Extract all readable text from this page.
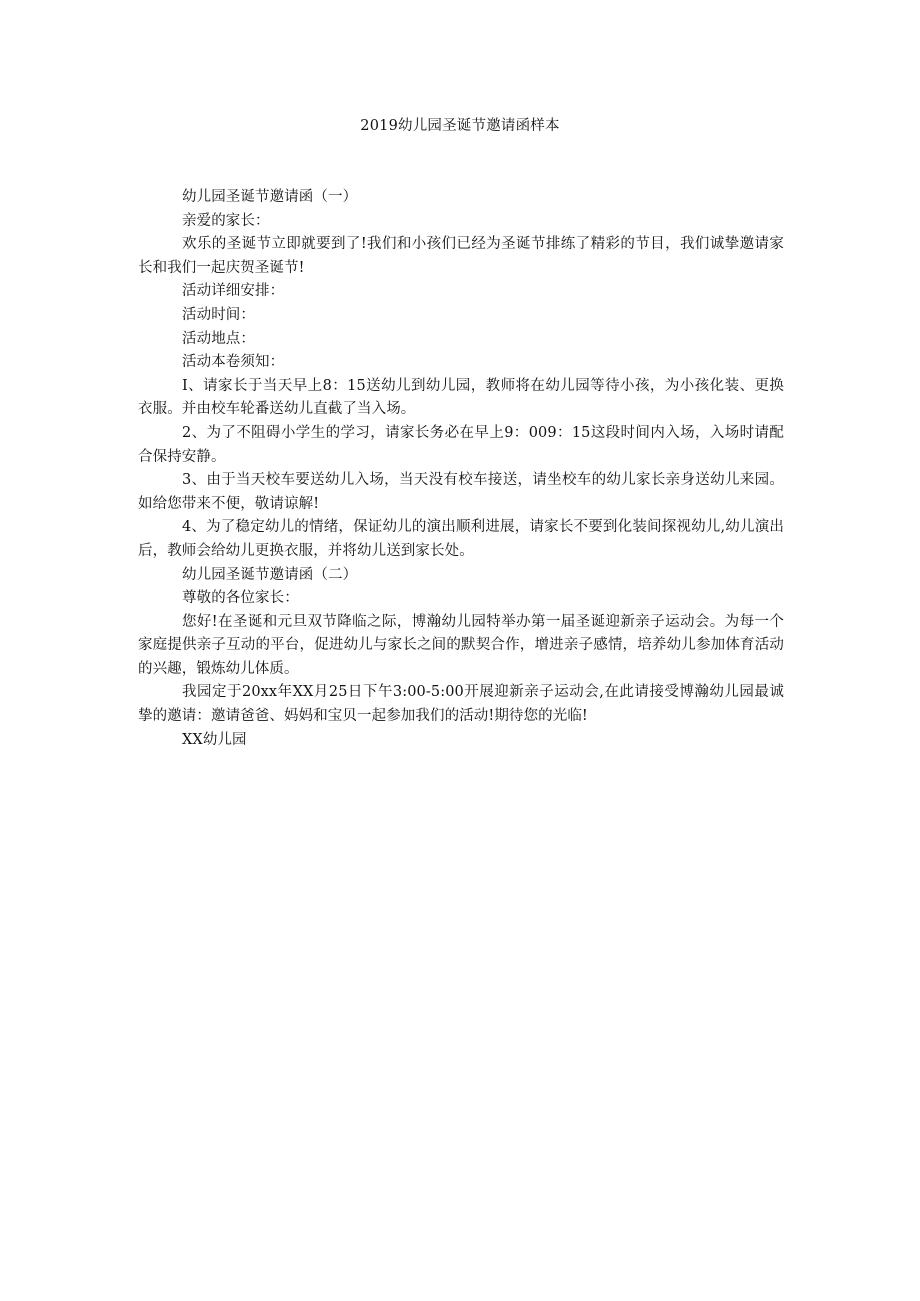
2019幼儿园圣诞节邀请函样本

幼儿园圣诞节邀请函（一）

亲爱的家长：

欢乐的圣诞节立即就要到了!我们和小孩们已经为圣诞节排练了精彩的节目，我们诚挚邀请家长和我们一起庆贺圣诞节!

活动详细安排：

活动时间：

活动地点：

活动本卷须知：

I、请家长于当天早上8：15送幼儿到幼儿园，教师将在幼儿园等待小孩，为小孩化装、更换衣服。并由校车轮番送幼儿直截了当入场。

2、为了不阻碍小学生的学习，请家长务必在早上9：009：15这段时间内入场，入场时请配合保持安静。

3、由于当天校车要送幼儿入场，当天没有校车接送，请坐校车的幼儿家长亲身送幼儿来园。如给您带来不便，敬请谅解!

4、为了稳定幼儿的情绪，保证幼儿的演出顺利进展，请家长不要到化装间探视幼儿,幼儿演出后，教师会给幼儿更换衣服，并将幼儿送到家长处。

幼儿园圣诞节邀请函（二）

尊敬的各位家长：

您好!在圣诞和元旦双节降临之际，博瀚幼儿园特举办第一届圣诞迎新亲子运动会。为每一个家庭提供亲子互动的平台，促进幼儿与家长之间的默契合作，增进亲子感情，培养幼儿参加体育活动的兴趣，锻炼幼儿体质。

我园定于20xx年XX月25日下午3:00-5:00开展迎新亲子运动会,在此请接受博瀚幼儿园最诚挚的邀请：邀请爸爸、妈妈和宝贝一起参加我们的活动!期待您的光临!

XX幼儿园
